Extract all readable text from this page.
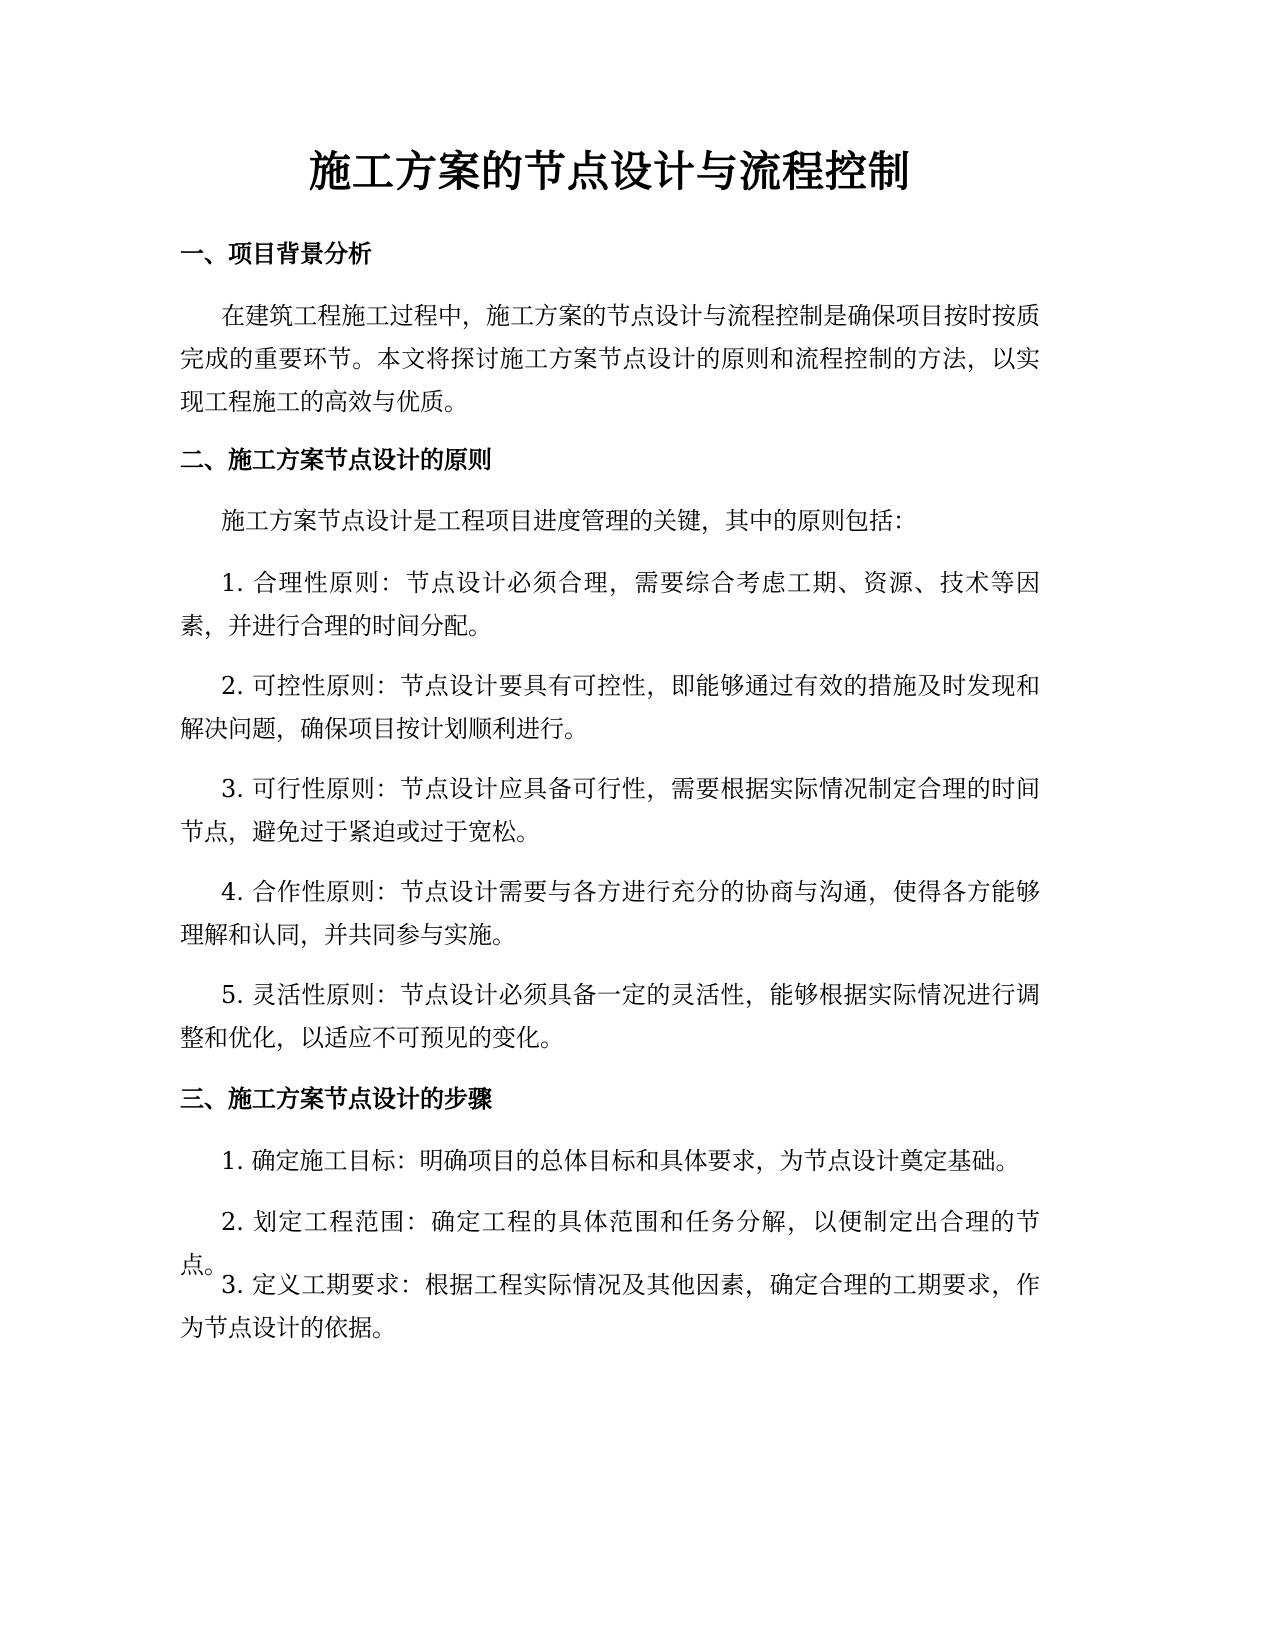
施工方案的节点设计与流程控制
一、项目背景分析

在建筑工程施工过程中，施工方案的节点设计与流程控制是确保项目按时按质完成的重要环节。本文将探讨施工方案节点设计的原则和流程控制的方法，以实现工程施工的高效与优质。

二、施工方案节点设计的原则

施工方案节点设计是工程项目进度管理的关键，其中的原则包括：

1. 合理性原则：节点设计必须合理，需要综合考虑工期、资源、技术等因素，并进行合理的时间分配。

2. 可控性原则：节点设计要具有可控性，即能够通过有效的措施及时发现和解决问题，确保项目按计划顺利进行。

3. 可行性原则：节点设计应具备可行性，需要根据实际情况制定合理的时间节点，避免过于紧迫或过于宽松。

4. 合作性原则：节点设计需要与各方进行充分的协商与沟通，使得各方能够理解和认同，并共同参与实施。

5. 灵活性原则：节点设计必须具备一定的灵活性，能够根据实际情况进行调整和优化，以适应不可预见的变化。

三、施工方案节点设计的步骤

1. 确定施工目标：明确项目的总体目标和具体要求，为节点设计奠定基础。

2. 划定工程范围：确定工程的具体范围和任务分解，以便制定出合理的节点。

3. 定义工期要求：根据工程实际情况及其他因素，确定合理的工期要求，作为节点设计的依据。
